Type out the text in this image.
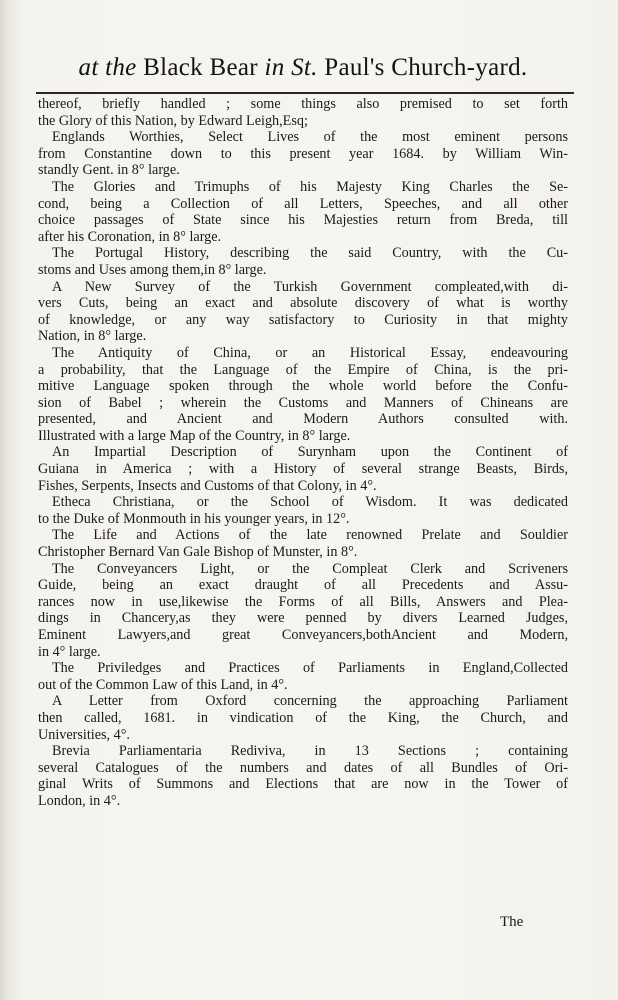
at the Black Bear in St. Paul's Church-yard.
thereof, briefly handled ; some things also premised to set forth
the Glory of this Nation, by Edward Leigh,Esq;
Englands Worthies, Select Lives of the most eminent persons
from Constantine down to this present year 1684. by William Win-
standly Gent. in 8° large.
The Glories and Trimuphs of his Majesty King Charles the Se-
cond, being a Collection of all Letters, Speeches, and all other
choice passages of State since his Majesties return from Breda, till
after his Coronation, in 8° large.
The Portugal History, describing the said Country, with the Cu-
stoms and Uses among them,in 8° large.
A New Survey of the Turkish Government compleated,with di-
vers Cuts, being an exact and absolute discovery of what is worthy
of knowledge, or any way satisfactory to Curiosity in that mighty
Nation, in 8° large.
The Antiquity of China, or an Historical Essay, endeavouring
a probability, that the Language of the Empire of China, is the pri-
mitive Language spoken through the whole world before the Confu-
sion of Babel ; wherein the Customs and Manners of Chineans are
presented, and Ancient and Modern Authors consulted with.
Illustrated with a large Map of the Country, in 8° large.
An Impartial Description of Surynham upon the Continent of
Guiana in America ; with a History of several strange Beasts, Birds,
Fishes, Serpents, Insects and Customs of that Colony, in 4°.
Etheca Christiana, or the School of Wisdom. It was dedicated
to the Duke of Monmouth in his younger years, in 12°.
The Life and Actions of the late renowned Prelate and Souldier
Christopher Bernard Van Gale Bishop of Munster, in 8°.
The Conveyancers Light, or the Compleat Clerk and Scriveners
Guide, being an exact draught of all Precedents and Assu-
rances now in use,likewise the Forms of all Bills, Answers and Plea-
dings in Chancery,as they were penned by divers Learned Judges,
Eminent Lawyers,and great Conveyancers,bothAncient and Modern,
in 4° large.
The Priviledges and Practices of Parliaments in England,Collected
out of the Common Law of this Land, in 4°.
A Letter from Oxford concerning the approaching Parliament
then called, 1681. in vindication of the King, the Church, and
Universities, 4°.
Brevia Parliamentaria Rediviva, in 13 Sections ; containing
several Catalogues of the numbers and dates of all Bundles of Ori-
ginal Writs of Summons and Elections that are now in the Tower of
London, in 4°.
The
